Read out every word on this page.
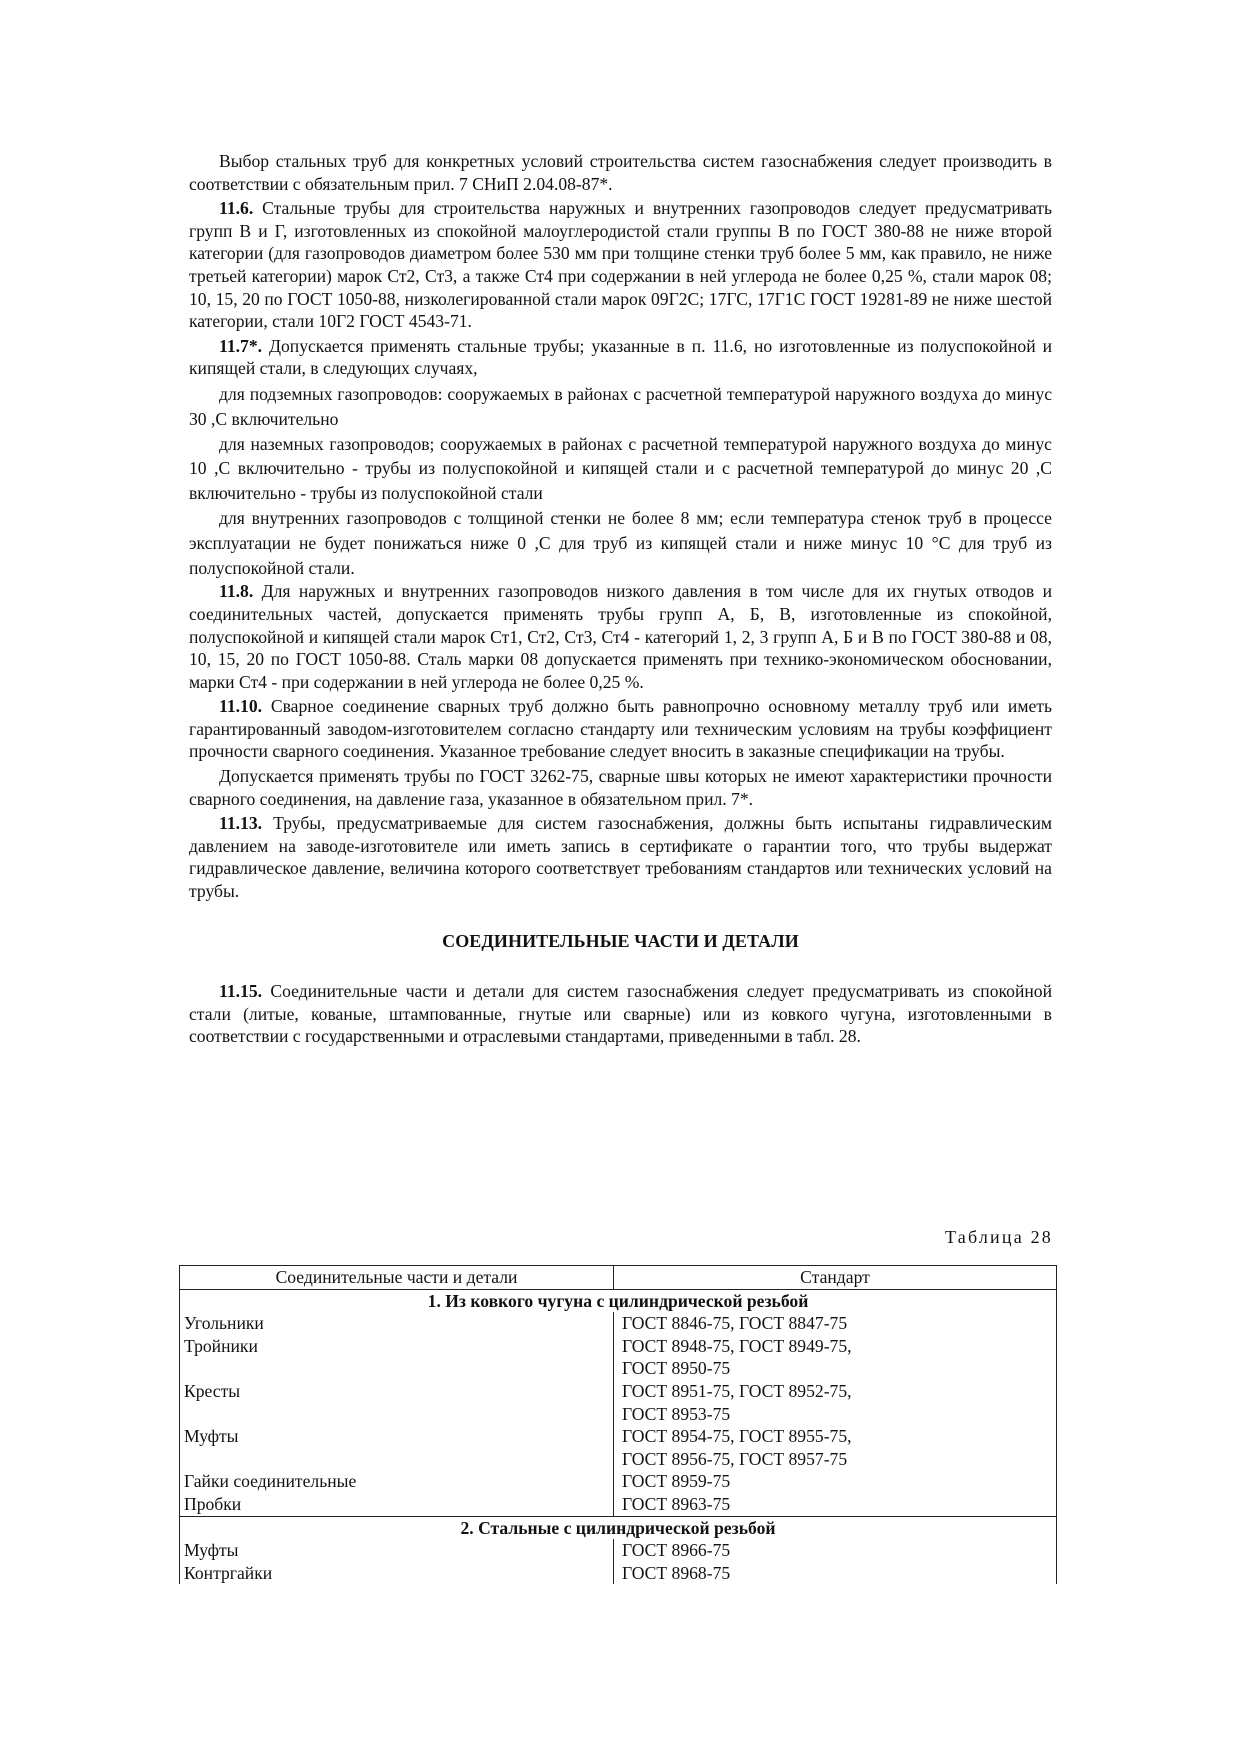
Выбор стальных труб для конкретных условий строительства систем газоснабжения следует производить в соответствии с обязательным прил. 7 СНиП 2.04.08-87*.

11.6. Стальные трубы для строительства наружных и внутренних газопроводов следует предусматривать групп В и Г, изготовленных из спокойной малоуглеродистой стали группы В по ГОСТ 380-88 не ниже второй категории (для газопроводов диаметром более 530 мм при толщине стенки труб более 5 мм, как правило, не ниже третьей категории) марок Ст2, Ст3, а также Ст4 при содержании в ней углерода не более 0,25 %, стали марок 08; 10, 15, 20 по ГОСТ 1050-88, низколегированной стали марок 09Г2С; 17ГС, 17Г1С ГОСТ 19281-89 не ниже шестой категории, стали 10Г2 ГОСТ 4543-71.

11.7*. Допускается применять стальные трубы; указанные в п. 11.6, но изготовленные из полуспокойной и кипящей стали, в следующих случаях,

для подземных газопроводов: сооружаемых в районах с расчетной температурой наружного воздуха до минус 30 ,С включительно

для наземных газопроводов; сооружаемых в районах с расчетной температурой наружного воздуха до минус 10 ,С включительно - трубы из полуспокойной и кипящей стали и с расчетной температурой до минус 20 ,С включительно - трубы из полуспокойной стали

для внутренних газопроводов с толщиной стенки не более 8 мм; если температура стенок труб в процессе эксплуатации не будет понижаться ниже 0 ,С для труб из кипящей стали и ниже минус 10 °С для труб из полуспокойной стали.

11.8. Для наружных и внутренних газопроводов низкого давления в том числе для их гнутых отводов и соединительных частей, допускается применять трубы групп А, Б, В, изготовленные из спокойной, полуспокойной и кипящей стали марок Ст1, Ст2, Ст3, Ст4 - категорий 1, 2, 3 групп А, Б и В по ГОСТ 380-88 и 08, 10, 15, 20 по ГОСТ 1050-88. Сталь марки 08 допускается применять при технико-экономическом обосновании, марки Ст4 - при содержании в ней углерода не более 0,25 %.

11.10. Сварное соединение сварных труб должно быть равнопрочно основному металлу труб или иметь гарантированный заводом-изготовителем согласно стандарту или техническим условиям на трубы коэффициент прочности сварного соединения. Указанное требование следует вносить в заказные спецификации на трубы.

Допускается применять трубы по ГОСТ 3262-75, сварные швы которых не имеют характеристики прочности сварного соединения, на давление газа, указанное в обязательном прил. 7*.

11.13. Трубы, предусматриваемые для систем газоснабжения, должны быть испытаны гидравлическим давлением на заводе-изготовителе или иметь запись в сертификате о гарантии того, что трубы выдержат гидравлическое давление, величина которого соответствует требованиям стандартов или технических условий на трубы.

СОЕДИНИТЕЛЬНЫЕ ЧАСТИ И ДЕТАЛИ

11.15. Соединительные части и детали для систем газоснабжения следует предусматривать из спокойной стали (литые, кованые, штампованные, гнутые или сварные) или из ковкого чугуна, изготовленными в соответствии с государственными и отраслевыми стандартами, приведенными в табл. 28.

Таблица 28
Соединительные части и детали	Стандарт
1. Из ковкого чугуна с цилиндрической резьбой	
Угольники	ГОСТ 8846-75, ГОСТ 8847-75
Тройники	ГОСТ 8948-75, ГОСТ 8949-75,
ГОСТ 8950-75
Кресты	ГОСТ 8951-75, ГОСТ 8952-75,
ГОСТ 8953-75
Муфты	ГОСТ 8954-75, ГОСТ 8955-75,
ГОСТ 8956-75, ГОСТ 8957-75
Гайки соединительные	ГОСТ 8959-75
Пробки	ГОСТ 8963-75
2. Стальные с цилиндрической резьбой	
Муфты	ГОСТ 8966-75
Контргайки	ГОСТ 8968-75
